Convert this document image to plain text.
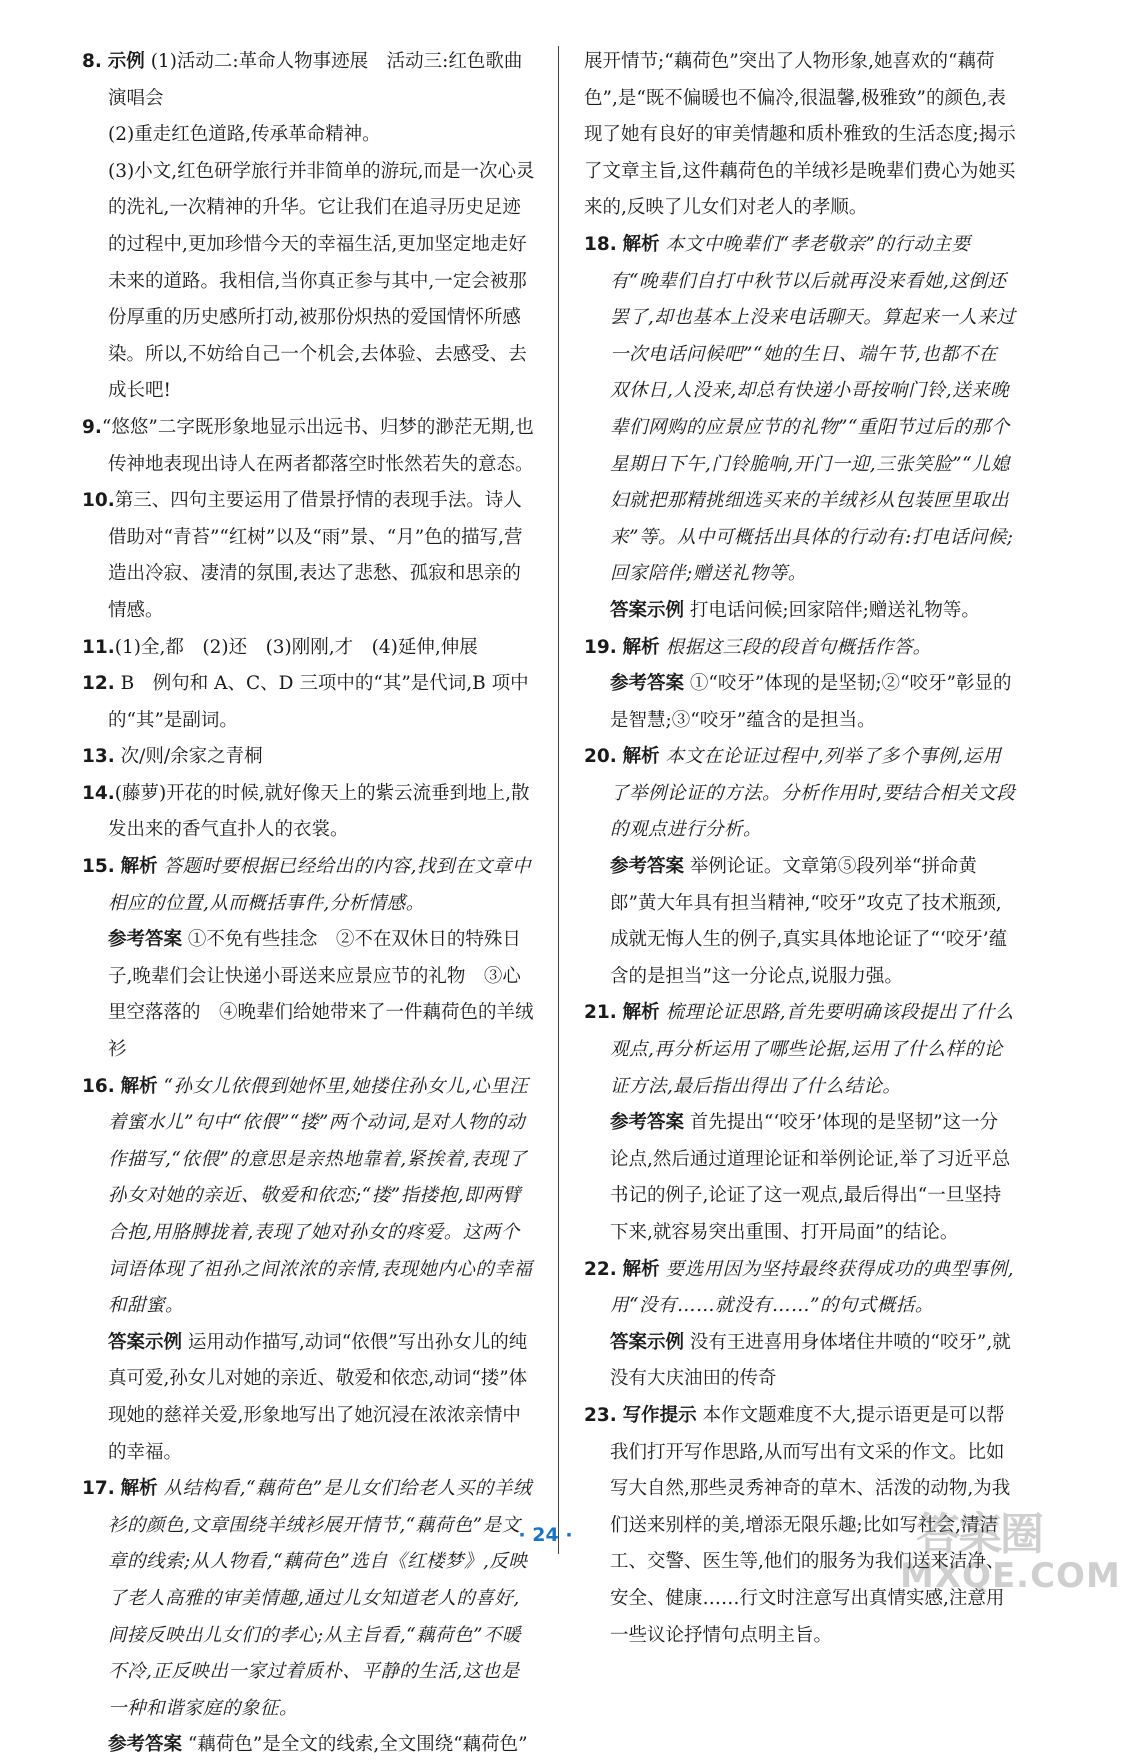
8. 示例 (1)活动二:革命人物事迹展　活动三:红色歌曲演唱会

(2)重走红色道路,传承革命精神。

(3)小文,红色研学旅行并非简单的游玩,而是一次心灵的洗礼,一次精神的升华。它让我们在追寻历史足迹的过程中,更加珍惜今天的幸福生活,更加坚定地走好未来的道路。我相信,当你真正参与其中,一定会被那份厚重的历史感所打动,被那份炽热的爱国情怀所感染。所以,不妨给自己一个机会,去体验、去感受、去成长吧!

9.“悠悠”二字既形象地显示出远书、归梦的渺茫无期,也传神地表现出诗人在两者都落空时怅然若失的意态。

10.第三、四句主要运用了借景抒情的表现手法。诗人借助对“青苔”“红树”以及“雨”景、“月”色的描写,营造出冷寂、凄清的氛围,表达了悲愁、孤寂和思亲的情感。

11.(1)全,都　(2)还　(3)刚刚,才　(4)延伸,伸展

12. B　例句和 A、C、D 三项中的“其”是代词,B 项中的“其”是副词。

13. 次/则/余家之青桐

14.(藤萝)开花的时候,就好像天上的紫云流垂到地上,散发出来的香气直扑人的衣裳。

15. 解析 答题时要根据已经给出的内容,找到在文章中相应的位置,从而概括事件,分析情感。

参考答案 ①不免有些挂念　②不在双休日的特殊日子,晚辈们会让快递小哥送来应景应节的礼物　③心里空落落的　④晚辈们给她带来了一件藕荷色的羊绒衫

16. 解析 “孙女儿依偎到她怀里,她搂住孙女儿,心里汪着蜜水儿”句中“依偎”“搂”两个动词,是对人物的动作描写,“依偎”的意思是亲热地靠着,紧挨着,表现了孙女对她的亲近、敬爱和依恋;“搂”指搂抱,即两臂合抱,用胳膊拢着,表现了她对孙女的疼爱。这两个词语体现了祖孙之间浓浓的亲情,表现她内心的幸福和甜蜜。

答案示例 运用动作描写,动词“依偎”写出孙女儿的纯真可爱,孙女儿对她的亲近、敬爱和依恋,动词“搂”体现她的慈祥关爱,形象地写出了她沉浸在浓浓亲情中的幸福。

17. 解析 从结构看,“藕荷色”是儿女们给老人买的羊绒衫的颜色,文章围绕羊绒衫展开情节,“藕荷色”是文章的线索;从人物看,“藕荷色”选自《红楼梦》,反映了老人高雅的审美情趣,通过儿女知道老人的喜好,间接反映出儿女们的孝心;从主旨看,“藕荷色”不暖不冷,正反映出一家过着质朴、平静的生活,这也是一种和谐家庭的象征。

参考答案 “藕荷色”是全文的线索,全文围绕“藕荷色”

展开情节;“藕荷色”突出了人物形象,她喜欢的“藕荷色”,是“既不偏暖也不偏冷,很温馨,极雅致”的颜色,表现了她有良好的审美情趣和质朴雅致的生活态度;揭示了文章主旨,这件藕荷色的羊绒衫是晚辈们费心为她买来的,反映了儿女们对老人的孝顺。

18. 解析 本文中晚辈们“孝老敬亲”的行动主要有“晚辈们自打中秋节以后就再没来看她,这倒还罢了,却也基本上没来电话聊天。算起来一人来过一次电话问候吧”“她的生日、端午节,也都不在双休日,人没来,却总有快递小哥按响门铃,送来晚辈们网购的应景应节的礼物”“重阳节过后的那个星期日下午,门铃脆响,开门一迎,三张笑脸”“儿媳妇就把那精挑细选买来的羊绒衫从包装匣里取出来”等。从中可概括出具体的行动有:打电话问候;回家陪伴;赠送礼物等。

答案示例 打电话问候;回家陪伴;赠送礼物等。

19. 解析 根据这三段的段首句概括作答。

参考答案 ①“咬牙”体现的是坚韧;②“咬牙”彰显的是智慧;③“咬牙”蕴含的是担当。

20. 解析 本文在论证过程中,列举了多个事例,运用了举例论证的方法。分析作用时,要结合相关文段的观点进行分析。

参考答案 举例论证。文章第⑤段列举“拼命黄郎”黄大年具有担当精神,“咬牙”攻克了技术瓶颈,成就无悔人生的例子,真实具体地论证了“‘咬牙’蕴含的是担当”这一分论点,说服力强。

21. 解析 梳理论证思路,首先要明确该段提出了什么观点,再分析运用了哪些论据,运用了什么样的论证方法,最后指出得出了什么结论。

参考答案 首先提出“‘咬牙’体现的是坚韧”这一分论点,然后通过道理论证和举例论证,举了习近平总书记的例子,论证了这一观点,最后得出“一旦坚持下来,就容易突出重围、打开局面”的结论。

22. 解析 要选用因为坚持最终获得成功的典型事例,用“没有……就没有……”的句式概括。

答案示例 没有王进喜用身体堵住井喷的“咬牙”,就没有大庆油田的传奇

23. 写作提示 本作文题难度不大,提示语更是可以帮我们打开写作思路,从而写出有文采的作文。比如写大自然,那些灵秀神奇的草木、活泼的动物,为我们送来别样的美,增添无限乐趣;比如写社会,清洁工、交警、医生等,他们的服务为我们送来洁净、安全、健康……行文时注意写出真情实感,注意用一些议论抒情句点明主旨。

· 24 ·	答案圈
MXQE.COM
